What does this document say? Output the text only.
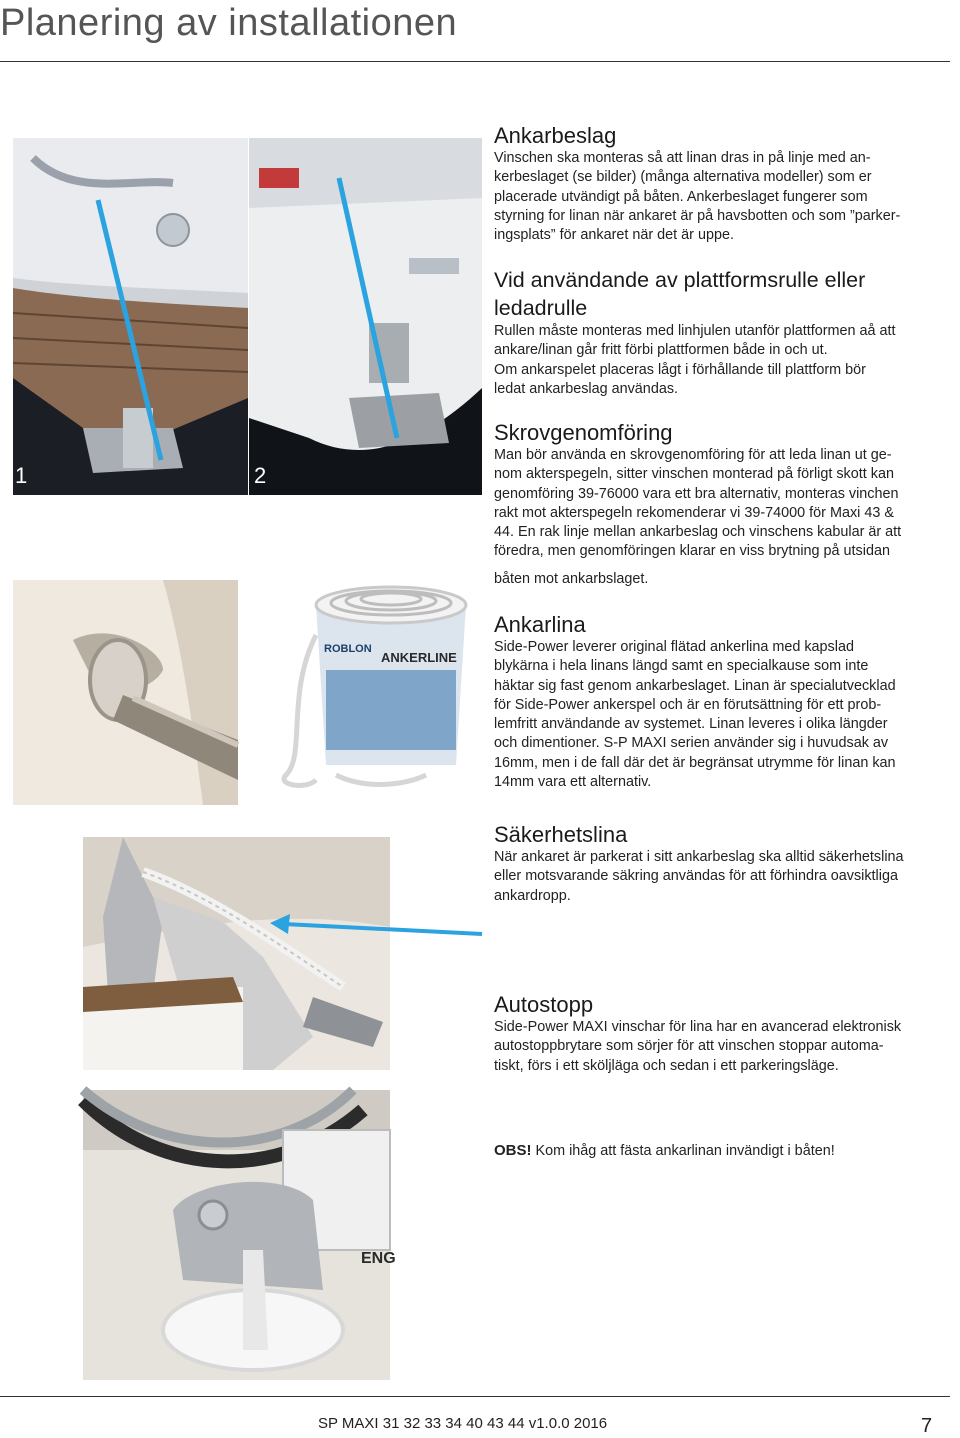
Planering av installationen
1	2
ANKERLINE
ROBLON
ENG
Ankarbeslag

Vinschen ska monteras så att linan dras in på linje med an-
kerbeslaget (se bilder) (många alternativa modeller) som er
placerade utvändigt på båten. Ankerbeslaget fungerer som
styrning for linan när ankaret är på havsbotten och som ”parker-
ingsplats” för ankaret när det är uppe.

Vid användande av plattformsrulle eller ledadrulle

Rullen måste monteras med linhjulen utanför plattformen aå att
ankare/linan går fritt förbi plattformen både in och ut.
Om ankarspelet placeras lågt i förhållande till plattform bör
ledat ankarbeslag användas.

Skrovgenomföring

Man bör använda en skrovgenomföring för att leda linan ut ge-
nom akterspegeln, sitter vinschen monterad på förligt skott kan
genomföring 39-76000 vara ett bra alternativ, monteras vinchen
rakt mot akterspegeln rekomenderar vi 39-74000 för Maxi 43 &
44. En rak linje mellan ankarbeslag och vinschens kabular är att
föredra, men genomföringen klarar en viss brytning på utsidan
båten mot ankarbslaget.

Ankarlina

Side-Power leverer original flätad ankerlina med kapslad
blykärna i hela linans längd samt en specialkause som inte
häktar sig fast genom ankarbeslaget. Linan är specialutvecklad
för Side-Power ankerspel och är en förutsättning för ett prob-
lemfritt användande av systemet. Linan leveres i olika längder
och dimentioner. S-P MAXI serien använder sig i huvudsak av
16mm, men i de fall där det är begränsat utrymme för linan kan
14mm vara ett alternativ.

Säkerhetslina

När ankaret är parkerat i sitt ankarbeslag ska alltid säkerhetslina
eller motsvarande säkring användas för att förhindra oavsiktliga
ankardropp.

Autostopp

Side-Power MAXI vinschar för lina har en avancerad elektronisk
autostoppbrytare som sörjer för att vinschen stoppar automa-
tiskt, förs i ett sköljläga och sedan i ett parkeringsläge.

OBS! Kom ihåg att fästa ankarlinan invändigt i båten!

SP MAXI 31 32 33 34 40 43 44 v1.0.0 2016	7
